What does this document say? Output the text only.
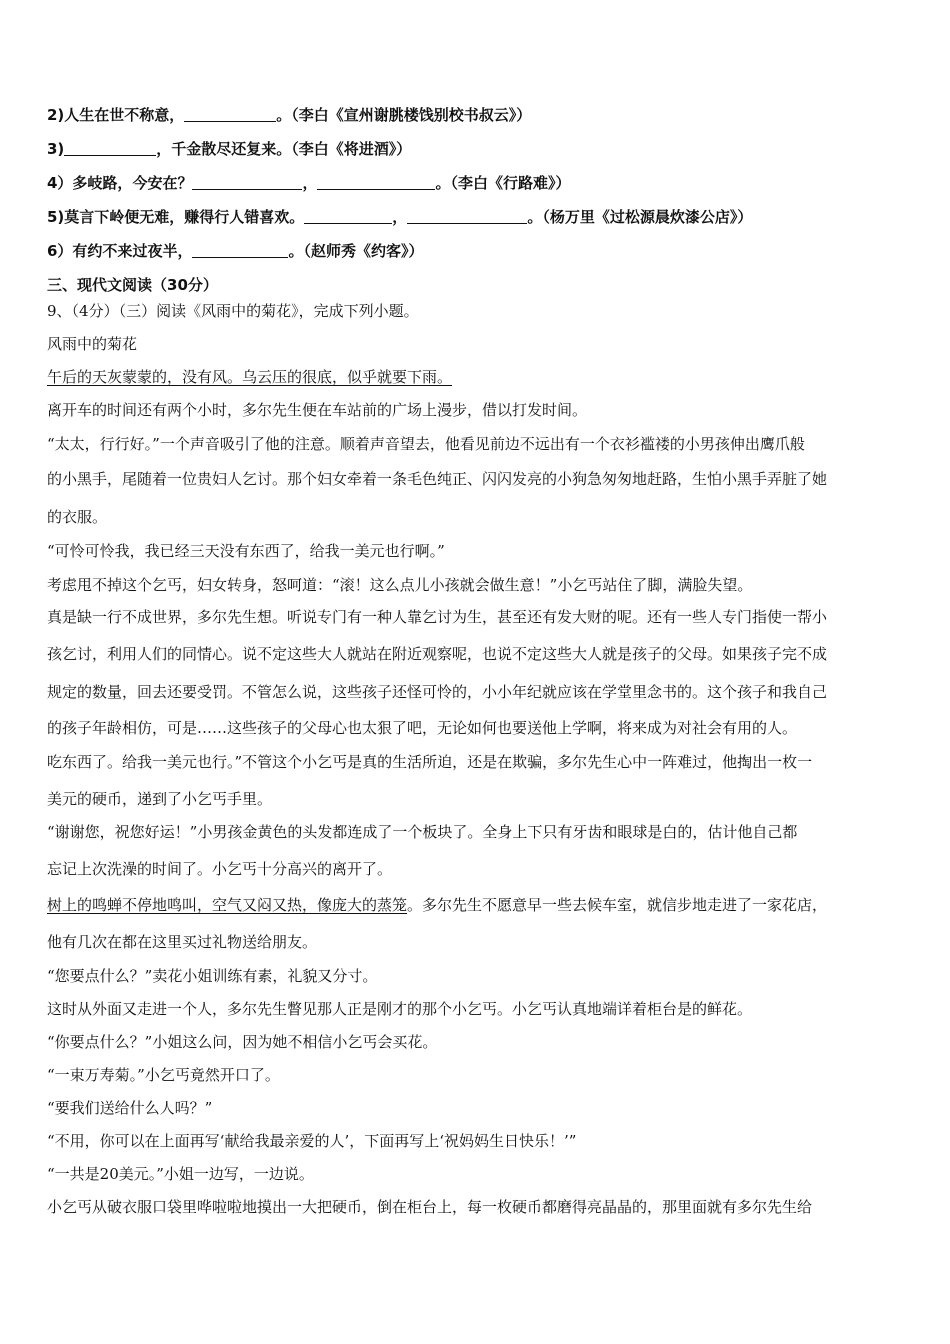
2)人生在世不称意，	。（李白《宣州谢朓楼饯别校书叔云》）
3)	，千金散尽还复来。（李白《将进酒》）
4）多岐路，今安在？	，	。（李白《行路难》）
5)莫言下岭便无难，赚得行人错喜欢。	，	。（杨万里《过松源晨炊漆公店》）
6）有约不来过夜半，	。（赵师秀《约客》）
三、现代文阅读（30分）
9、（4分）（三）阅读《风雨中的菊花》，完成下列小题。
风雨中的菊花
午后的天灰蒙蒙的，没有风。乌云压的很底，似乎就要下雨。
离开车的时间还有两个小时，多尔先生便在车站前的广场上漫步，借以打发时间。
“太太，行行好。”一个声音吸引了他的注意。顺着声音望去，他看见前边不远出有一个衣衫褴褛的小男孩伸出鹰爪般
的小黑手，尾随着一位贵妇人乞讨。那个妇女牵着一条毛色纯正、闪闪发亮的小狗急匆匆地赶路，生怕小黑手弄脏了她
的衣服。
“可怜可怜我，我已经三天没有东西了，给我一美元也行啊。”
考虑甩不掉这个乞丐，妇女转身，怒呵道：“滚！这么点儿小孩就会做生意！”小乞丐站住了脚，满脸失望。
真是缺一行不成世界，多尔先生想。听说专门有一种人靠乞讨为生，甚至还有发大财的呢。还有一些人专门指使一帮小
孩乞讨，利用人们的同情心。说不定这些大人就站在附近观察呢，也说不定这些大人就是孩子的父母。如果孩子完不成
规定的数量，回去还要受罚。不管怎么说，这些孩子还怪可怜的，小小年纪就应该在学堂里念书的。这个孩子和我自己
的孩子年龄相仿，可是……这些孩子的父母心也太狠了吧，无论如何也要送他上学啊，将来成为对社会有用的人。
吃东西了。给我一美元也行。”不管这个小乞丐是真的生活所迫，还是在欺骗，多尔先生心中一阵难过，他掏出一枚一
美元的硬币，递到了小乞丐手里。
“谢谢您，祝您好运！”小男孩金黄色的头发都连成了一个板块了。全身上下只有牙齿和眼球是白的，估计他自己都
忘记上次洗澡的时间了。小乞丐十分高兴的离开了。
树上的鸣蝉不停地鸣叫，空气又闷又热，像庞大的蒸笼。多尔先生不愿意早一些去候车室，就信步地走进了一家花店，
他有几次在都在这里买过礼物送给朋友。
“您要点什么？”卖花小姐训练有素，礼貌又分寸。
这时从外面又走进一个人，多尔先生瞥见那人正是刚才的那个小乞丐。小乞丐认真地端详着柜台是的鲜花。
“你要点什么？”小姐这么问，因为她不相信小乞丐会买花。
“一束万寿菊。”小乞丐竟然开口了。
“要我们送给什么人吗？”
“不用，你可以在上面再写‘献给我最亲爱的人’，下面再写上‘祝妈妈生日快乐！’”
“一共是20美元。”小姐一边写，一边说。
小乞丐从破衣服口袋里哗啦啦地摸出一大把硬币，倒在柜台上，每一枚硬币都磨得亮晶晶的，那里面就有多尔先生给
